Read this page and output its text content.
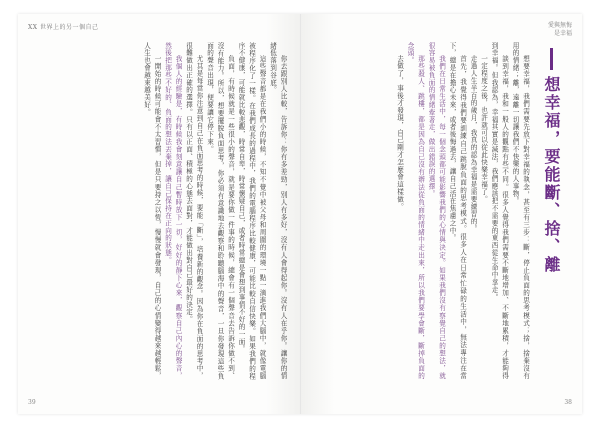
XX 世界上的另一個自己

你去跟別人比較，告訴你：你有多差勁，別人有多好，沒有人會得起你。沒有人在乎你。讓你的情緒低落到谷底。

這些聲音都是在我們小的時候，不知不覺中被父母和周圍的環境一點一滴進我們大腦中，就像電腦被程序化了一樣。在我們成長的過程中，我們的電腦程序比較健康，可能比較自信快樂。如果我們的程序不健康，可能就比較悲觀，時常自卑，時常懷疑自己，或者時常總是會想到事情不好的一面。

負面，有時候就是一些很小的聲音，就是要你做一件事的時候，總會有一個聲音去告訴你做不到、沒有能力。所以，想要擺脫負面思考，你必須有意識地去觀察和聆聽腦海中的聲音，一旦你發現這些負面的聲音出現，便要讓它停下來。

尤其是每當你注意到自己在負面思考的時候，要能「斷」，培養新的觀念。因為你在負面的思考中，很難做出正確的選擇。只有以正面、積極的心態去面對，才能做出對自己最好的決定。

我個人的經驗是，有時候我會刻意讓自己暫時放下一切，好好的靜下心來，觀察自己內心的聲音，然後把那些不好的、負面的想法丟棄掉，讓自己保持在正向的狀態。

一開始的時候可能會不太習慣，但是只要持之以恆，慢慢就會發現，自己的心情變得越來越輕鬆，人生也會越來越美好。

39
愛與無悔
是幸福
想幸福，要能斷、捨、離

想要幸福，我們需要先放下對幸福的執念，甚至有三步：斷，停止負面的思考模式；捨，捨棄沒有用的情緒；離，遠離一切讓我們不快樂的人事物。

談到幸福，我和一般人的觀點有些不同。很多人覺得我們需要不斷地增加、不斷地累積，才能夠得到幸福。但我認為，幸福其實是減法，我們應該把不需要的東西從生命中拿走。

一定程度之後，也許就可以從此快樂幸福了。

走過人生半百的歲月，我真的認為幸福是需要練習的。

首先，我覺得我們要訓練自己跳脫負面的思考模式。很多人在日常忙碌的生活中，無法專注在當下，總是在擔心未來，或者後悔過去，讓自己活在焦慮之中。

我們在日常生活中，每一個念頭都可能影響我們的心情與決定。如果我們沒有察覺自己的想法，就很容易被負面的情緒牽著走，做出錯誤的選擇。

那些殺人、跳樓，都是因為自己沒有辦法從負面的情緒中走出來，所以我們要學會斷，斷掉負面的念頭。

去做了，事後才發現，自己剛才怎麼會這樣做。

38
